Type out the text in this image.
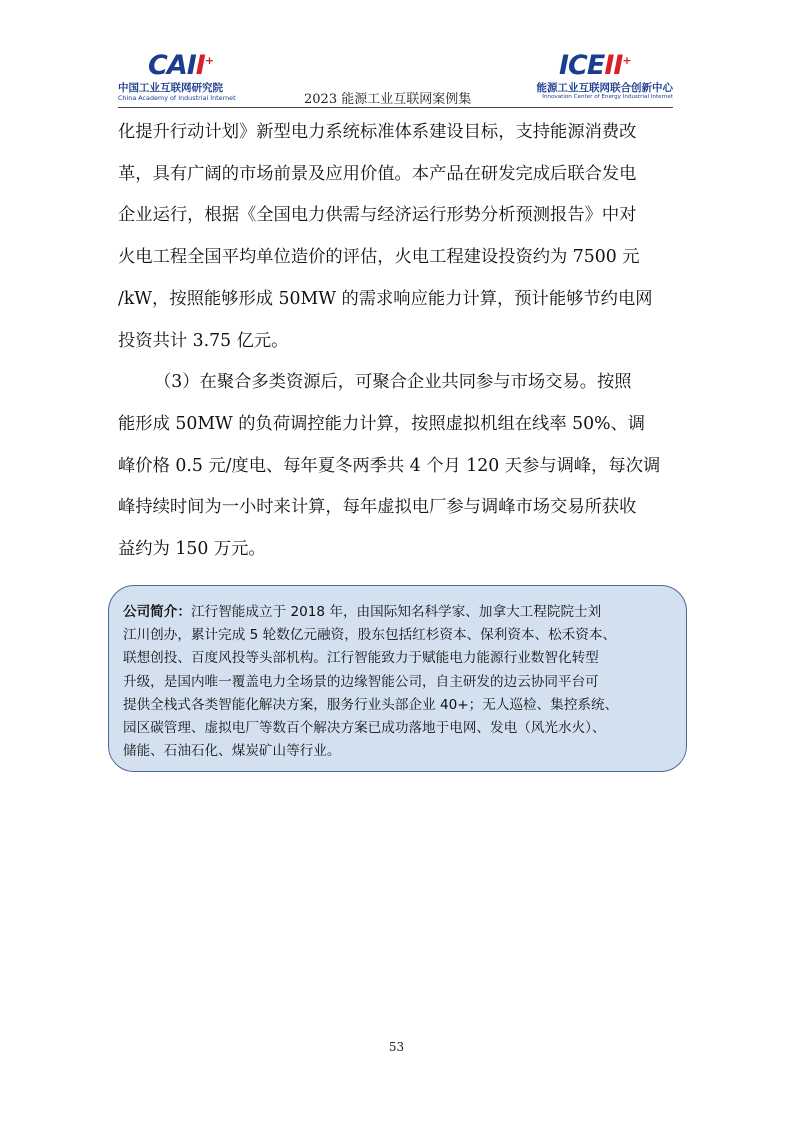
CAII+
中国工业互联网研究院
China Academy of Industrial Internet	2023 能源工业互联网案例集
ICEII+
能源工业互联网联合创新中心
Innovation Center of Energy Industrial Internet

化提升行动计划》新型电力系统标准体系建设目标，支持能源消费改

革，具有广阔的市场前景及应用价值。本产品在研发完成后联合发电

企业运行，根据《全国电力供需与经济运行形势分析预测报告》中对

火电工程全国平均单位造价的评估，火电工程建设投资约为 7500 元

/kW，按照能够形成 50MW 的需求响应能力计算，预计能够节约电网

投资共计 3.75 亿元。

（3）在聚合多类资源后，可聚合企业共同参与市场交易。按照

能形成 50MW 的负荷调控能力计算，按照虚拟机组在线率 50%、调

峰价格 0.5 元/度电、每年夏冬两季共 4 个月 120 天参与调峰，每次调

峰持续时间为一小时来计算，每年虚拟电厂参与调峰市场交易所获收

益约为 150 万元。

公司简介：江行智能成立于 2018 年，由国际知名科学家、加拿大工程院院士刘
江川创办，累计完成 5 轮数亿元融资，股东包括红杉资本、保利资本、松禾资本、
联想创投、百度风投等头部机构。江行智能致力于赋能电力能源行业数智化转型
升级，是国内唯一覆盖电力全场景的边缘智能公司，自主研发的边云协同平台可
提供全栈式各类智能化解决方案，服务行业头部企业 40+；无人巡检、集控系统、
园区碳管理、虚拟电厂等数百个解决方案已成功落地于电网、发电（风光水火）、
储能、石油石化、煤炭矿山等行业。
53
